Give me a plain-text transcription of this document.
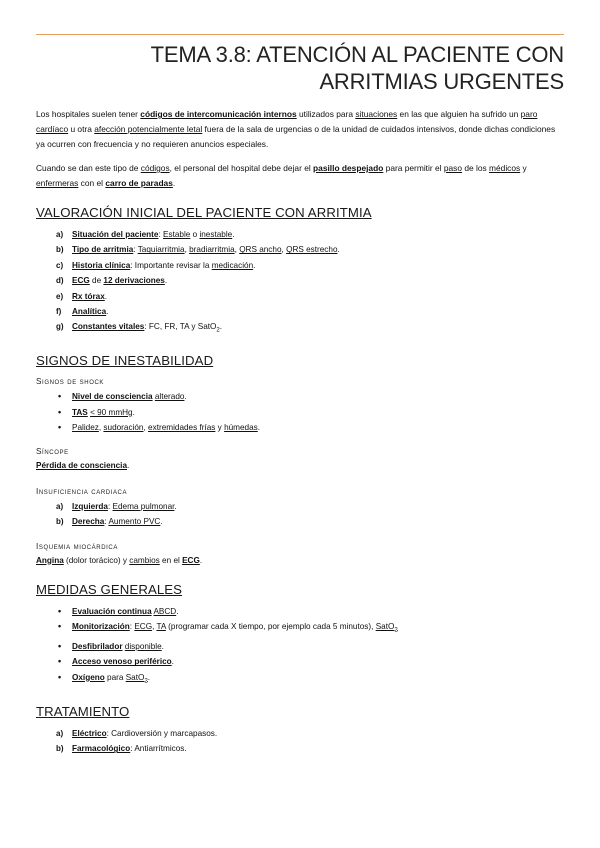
TEMA 3.8: ATENCIÓN AL PACIENTE CON
ARRITMIAS URGENTES

Los hospitales suelen tener códigos de intercomunicación internos utilizados para situaciones en las que alguien ha sufrido un paro cardíaco u otra afección potencialmente letal fuera de la sala de urgencias o de la unidad de cuidados intensivos, donde dichas condiciones ya ocurren con frecuencia y no requieren anuncios especiales.

Cuando se dan este tipo de códigos, el personal del hospital debe dejar el pasillo despejado para permitir el paso de los médicos y enfermeras con el carro de paradas.

VALORACIÓN INICIAL DEL PACIENTE CON ARRITMIA
a) Situación del paciente: Estable o inestable.
b) Tipo de arritmia: Taquiarritmia, bradiarritmia, QRS ancho, QRS estrecho.
c) Historia clínica: Importante revisar la medicación.
d) ECG de 12 derivaciones.
e) Rx tórax.
f) Analítica.
g) Constantes vitales: FC, FR, TA y SatO$_2$.
SIGNOS DE INESTABILIDAD
Signos de shock
• Nivel de consciencia alterado.
• TAS < 90 mmHg.
• Palidez, sudoración, extremidades frías y húmedas.
Síncope

Pérdida de consciencia.

Insuficiencia cardiaca
a) Izquierda: Edema pulmonar.
b) Derecha: Aumento PVC.
Isquemia miocárdica

Angina (dolor torácico) y cambios en el ECG.

MEDIDAS GENERALES
• Evaluación continua ABCD.
• Monitorización: ECG, TA (programar cada X tiempo, por ejemplo cada 5 minutos), SatO$_2$
• Desfibrilador disponible.
• Acceso venoso periférico.
• Oxígeno para SatO$_2$.
TRATAMIENTO
a) Eléctrico: Cardioversión y marcapasos.
b) Farmacológico: Antiarrítmicos.
